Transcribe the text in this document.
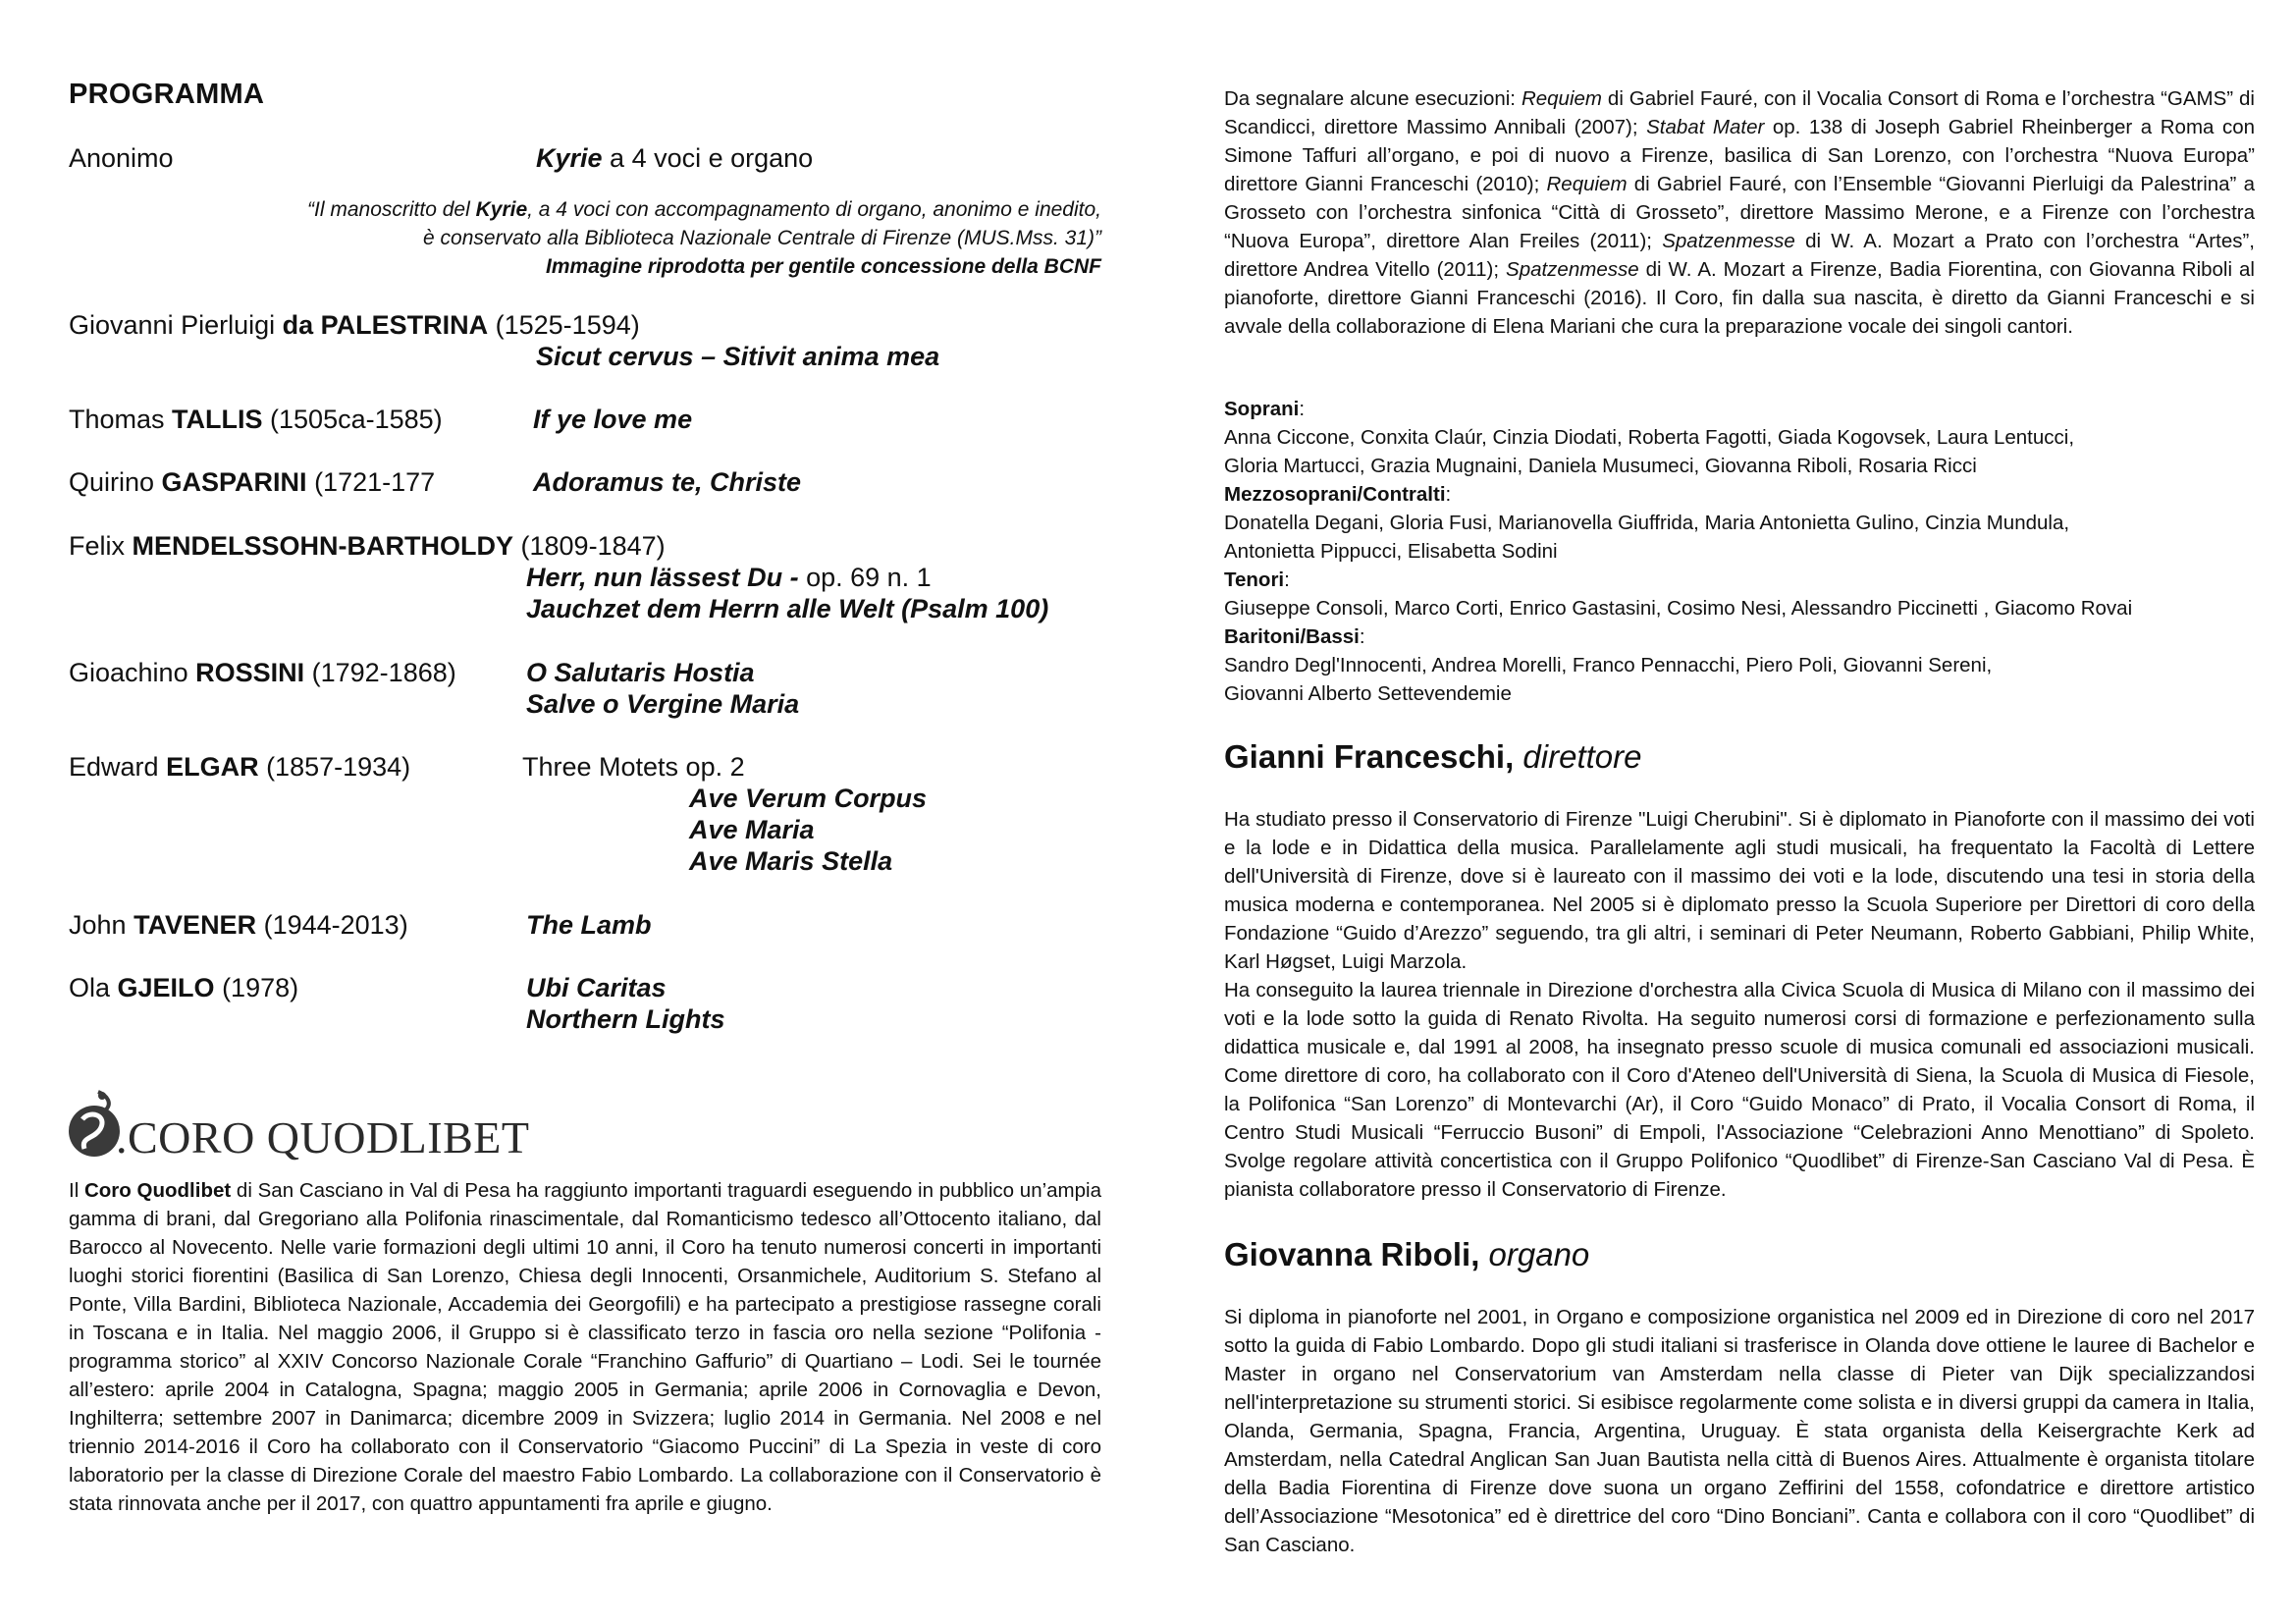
PROGRAMMA
Anonimo	Kyrie a 4 voci e organo
“Il manoscritto del Kyrie, a 4 voci con accompagnamento di organo, anonimo e inedito,
è conservato alla Biblioteca Nazionale Centrale di Firenze (MUS.Mss. 31)”
Immagine riprodotta per gentile concessione della BCNF
Giovanni Pierluigi da PALESTRINA (1525-1594)
Sicut cervus – Sitivit anima mea
Thomas TALLIS (1505ca-1585)	If ye love me
Quirino GASPARINI (1721-177	Adoramus te, Christe
Felix MENDELSSOHN-BARTHOLDY (1809-1847)
Herr, nun lässest Du - op. 69 n. 1
Jauchzet dem Herrn alle Welt (Psalm 100)
Gioachino ROSSINI (1792-1868)	O Salutaris Hostia
Salve o Vergine Maria
Edward ELGAR (1857-1934)	Three Motets op. 2
Ave Verum Corpus
Ave Maria
Ave Maris Stella
John TAVENER (1944-2013)	The Lamb
Ola GJEILO (1978)	Ubi Caritas
Northern Lights
.CORO QUODLIBET
Il Coro Quodlibet di San Casciano in Val di Pesa ha raggiunto importanti traguardi eseguendo in pubblico un’ampia gamma di brani, dal Gregoriano alla Polifonia rinascimentale, dal Romanticismo tedesco all’Ottocento italiano, dal Barocco al Novecento. Nelle varie formazioni degli ultimi 10 anni, il Coro ha tenuto numerosi concerti in importanti luoghi storici fiorentini (Basilica di San Lorenzo, Chiesa degli Innocenti, Orsanmichele, Auditorium S. Stefano al Ponte, Villa Bardini, Biblioteca Nazionale, Accademia dei Georgofili) e ha partecipato a prestigiose rassegne corali in Toscana e in Italia. Nel maggio 2006, il Gruppo si è classificato terzo in fascia oro nella sezione “Polifonia - programma storico” al XXIV Concorso Nazionale Corale “Franchino Gaffurio” di Quartiano – Lodi. Sei le tournée all’estero: aprile 2004 in Catalogna, Spagna; maggio 2005 in Germania; aprile 2006 in Cornovaglia e Devon, Inghilterra; settembre 2007 in Danimarca; dicembre 2009 in Svizzera; luglio 2014 in Germania. Nel 2008 e nel triennio 2014-2016 il Coro ha collaborato con il Conservatorio “Giacomo Puccini” di La Spezia in veste di coro laboratorio per la classe di Direzione Corale del maestro Fabio Lombardo. La collaborazione con il Conservatorio è stata rinnovata anche per il 2017, con quattro appuntamenti fra aprile e giugno.
Da segnalare alcune esecuzioni: Requiem di Gabriel Fauré, con il Vocalia Consort di Roma e l’orchestra “GAMS” di Scandicci, direttore Massimo Annibali (2007); Stabat Mater op. 138 di Joseph Gabriel Rheinberger a Roma con Simone Taffuri all’organo, e poi di nuovo a Firenze, basilica di San Lorenzo, con l’orchestra “Nuova Europa” direttore Gianni Franceschi (2010); Requiem di Gabriel Fauré, con l’Ensemble “Giovanni Pierluigi da Palestrina” a Grosseto con l’orchestra sinfonica “Città di Grosseto”, direttore Massimo Merone, e a Firenze con l’orchestra “Nuova Europa”, direttore Alan Freiles (2011); Spatzenmesse di W. A. Mozart a Prato con l’orchestra “Artes”, direttore Andrea Vitello (2011); Spatzenmesse di W. A. Mozart a Firenze, Badia Fiorentina, con Giovanna Riboli al pianoforte, direttore Gianni Franceschi (2016). Il Coro, fin dalla sua nascita, è diretto da Gianni Franceschi e si avvale della collaborazione di Elena Mariani che cura la preparazione vocale dei singoli cantori.
Soprani:
Anna Ciccone, Conxita Claúr, Cinzia Diodati, Roberta Fagotti, Giada Kogovsek, Laura Lentucci,
Gloria Martucci, Grazia Mugnaini, Daniela Musumeci, Giovanna Riboli, Rosaria Ricci
Mezzosoprani/Contralti:
Donatella Degani, Gloria Fusi, Marianovella Giuffrida, Maria Antonietta Gulino, Cinzia Mundula,
Antonietta Pippucci, Elisabetta Sodini
Tenori:
Giuseppe Consoli, Marco Corti, Enrico Gastasini, Cosimo Nesi, Alessandro Piccinetti , Giacomo Rovai
Baritoni/Bassi:
Sandro Degl'Innocenti, Andrea Morelli, Franco Pennacchi, Piero Poli, Giovanni Sereni,
Giovanni Alberto Settevendemie
Gianni Franceschi, direttore
Ha studiato presso il Conservatorio di Firenze "Luigi Cherubini". Si è diplomato in Pianoforte con il massimo dei voti e la lode e in Didattica della musica. Parallelamente agli studi musicali, ha frequentato la Facoltà di Lettere dell'Università di Firenze, dove si è laureato con il massimo dei voti e la lode, discutendo una tesi in storia della musica moderna e contemporanea. Nel 2005 si è diplomato presso la Scuola Superiore per Direttori di coro della Fondazione “Guido d’Arezzo” seguendo, tra gli altri, i seminari di Peter Neumann, Roberto Gabbiani, Philip White, Karl Høgset, Luigi Marzola.
Ha conseguito la laurea triennale in Direzione d'orchestra alla Civica Scuola di Musica di Milano con il massimo dei voti e la lode sotto la guida di Renato Rivolta. Ha seguito numerosi corsi di formazione e perfezionamento sulla didattica musicale e, dal 1991 al 2008, ha insegnato presso scuole di musica comunali ed associazioni musicali. Come direttore di coro, ha collaborato con il Coro d'Ateneo dell'Università di Siena, la Scuola di Musica di Fiesole, la Polifonica “San Lorenzo” di Montevarchi (Ar), il Coro “Guido Monaco” di Prato, il Vocalia Consort di Roma, il Centro Studi Musicali “Ferruccio Busoni” di Empoli, l'Associazione “Celebrazioni Anno Menottiano” di Spoleto. Svolge regolare attività concertistica con il Gruppo Polifonico “Quodlibet” di Firenze-San Casciano Val di Pesa. È pianista collaboratore presso il Conservatorio di Firenze.
Giovanna Riboli, organo
Si diploma in pianoforte nel 2001, in Organo e composizione organistica nel 2009 ed in Direzione di coro nel 2017 sotto la guida di Fabio Lombardo. Dopo gli studi italiani si trasferisce in Olanda dove ottiene le lauree di Bachelor e Master in organo nel Conservatorium van Amsterdam nella classe di Pieter van Dijk specializzandosi nell'interpretazione su strumenti storici. Si esibisce regolarmente come solista e in diversi gruppi da camera in Italia, Olanda, Germania, Spagna, Francia, Argentina, Uruguay. È stata organista della Keisergrachte Kerk ad Amsterdam, nella Catedral Anglican San Juan Bautista nella città di Buenos Aires. Attualmente è organista titolare della Badia Fiorentina di Firenze dove suona un organo Zeffirini del 1558, cofondatrice e direttore artistico dell’Associazione “Mesotonica” ed è direttrice del coro “Dino Bonciani”. Canta e collabora con il coro “Quodlibet” di San Casciano.
